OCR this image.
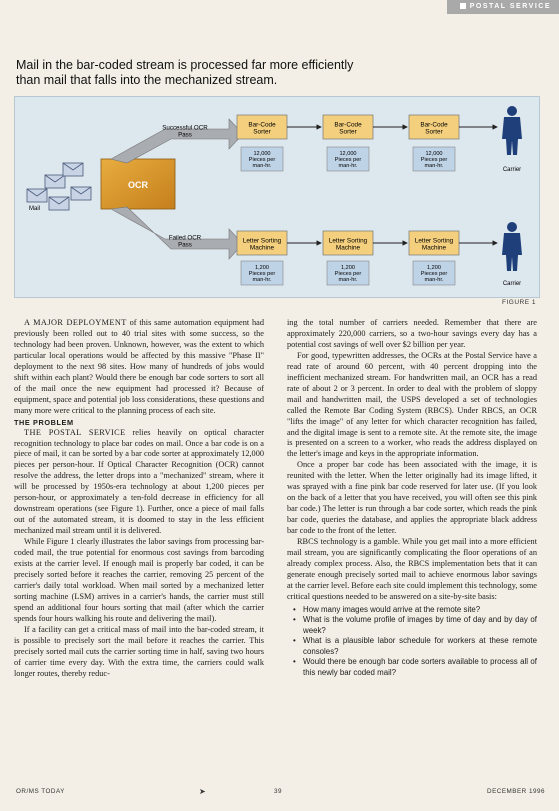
POSTAL SERVICE
Mail in the bar-coded stream is processed far more efficiently than mail that falls into the mechanized stream.
Mail
OCR
Successful OCR Pass
Failed OCR Pass
Bar-Code Sorter
Bar-Code Sorter
Bar-Code Sorter
12,000 Pieces per man-hr.
12,000 Pieces per man-hr.
12,000 Pieces per man-hr.
Letter Sorting Machine
Letter Sorting Machine
Letter Sorting Machine
1,200 Pieces per man-hr.
1,200 Pieces per man-hr.
1,200 Pieces per man-hr.
Carrier
Carrier
FIGURE 1

A MAJOR DEPLOYMENT of this same automation equipment had previously been rolled out to 40 trial sites with some success, so the technology had been proven. Unknown, however, was the extent to which particular local operations would be affected by this massive "Phase II" deployment to the next 98 sites. How many of hundreds of jobs would shift within each plant? Would there be enough bar code sorters to sort all of the mail once the new equipment had processed it? Because of equipment, space and potential job loss considerations, these questions and many more were critical to the planning process of each site.

THE PROBLEM

THE POSTAL SERVICE relies heavily on optical character recognition technology to place bar codes on mail. Once a bar code is on a piece of mail, it can be sorted by a bar code sorter at approximately 12,000 pieces per person-hour. If Optical Character Recognition (OCR) cannot resolve the address, the letter drops into a "mechanized" stream, where it will be processed by 1950s-era technology at about 1,200 pieces per person-hour, or approximately a ten-fold decrease in efficiency for all downstream operations (see Figure 1). Further, once a piece of mail falls out of the automated stream, it is doomed to stay in the less efficient mechanized mail stream until it is delivered.

While Figure 1 clearly illustrates the labor savings from processing bar-coded mail, the true potential for enormous cost savings from barcoding exists at the carrier level. If enough mail is properly bar coded, it can be precisely sorted before it reaches the carrier, removing 25 percent of the carrier's daily total workload. When mail sorted by a mechanized letter sorting machine (LSM) arrives in a carrier's hands, the carrier must still spend an additional four hours sorting that mail (after which the carrier spends four hours walking his route and delivering the mail).

If a facility can get a critical mass of mail into the bar-coded stream, it is possible to precisely sort the mail before it reaches the carrier. This precisely sorted mail cuts the carrier sorting time in half, saving two hours of carrier time every day. With the extra time, the carriers could walk longer routes, thereby reduc-

ing the total number of carriers needed. Remember that there are approximately 220,000 carriers, so a two-hour savings every day has a potential cost savings of well over $2 billion per year.

For good, typewritten addresses, the OCRs at the Postal Service have a read rate of around 60 percent, with 40 percent dropping into the inefficient mechanized stream. For handwritten mail, an OCR has a read rate of about 2 or 3 percent. In order to deal with the problem of sloppy mail and handwritten mail, the USPS developed a set of technologies called the Remote Bar Coding System (RBCS). Under RBCS, an OCR "lifts the image" of any letter for which character recognition has failed, and the digital image is sent to a remote site. At the remote site, the image is presented on a screen to a worker, who reads the address displayed on the letter's image and keys in the appropriate information.

Once a proper bar code has been associated with the image, it is reunited with the letter. When the letter originally had its image lifted, it was sprayed with a fine pink bar code reserved for later use. (If you look on the back of a letter that you have received, you will often see this pink bar code.) The letter is run through a bar code sorter, which reads the pink bar code, queries the database, and applies the appropriate black address bar code to the front of the letter.

RBCS technology is a gamble. While you get mail into a more efficient mail stream, you are significantly complicating the floor operations of an already complex process. Also, the RBCS implementation bets that it can generate enough precisely sorted mail to achieve enormous labor savings at the carrier level. Before each site could implement this technology, some critical questions needed to be answered on a site-by-site basis:

• How many images would arrive at the remote site?
• What is the volume profile of images by time of day and by day of week?
• What is a plausible labor schedule for workers at these remote consoles?
• Would there be enough bar code sorters available to process all of this newly bar coded mail?
OR/MS TODAY	➤	39	DECEMBER 1996
